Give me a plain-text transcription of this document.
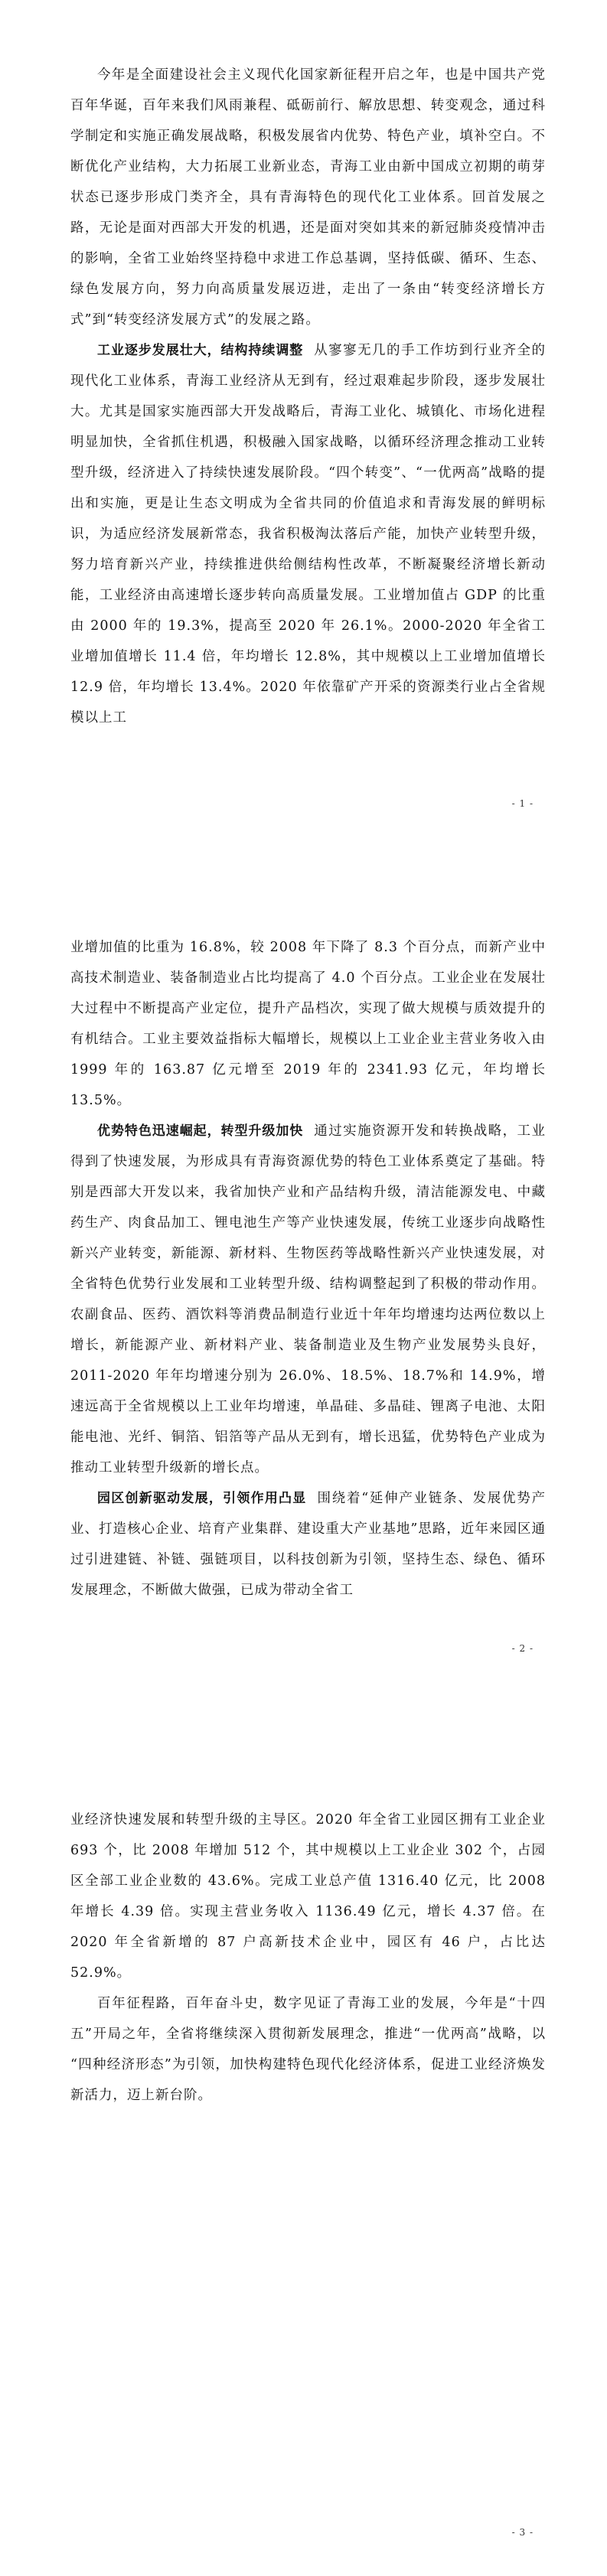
今年是全面建设社会主义现代化国家新征程开启之年，也是中国共产党百年华诞，百年来我们风雨兼程、砥砺前行、解放思想、转变观念，通过科学制定和实施正确发展战略，积极发展省内优势、特色产业，填补空白。不断优化产业结构，大力拓展工业新业态，青海工业由新中国成立初期的萌芽状态已逐步形成门类齐全，具有青海特色的现代化工业体系。回首发展之路，无论是面对西部大开发的机遇，还是面对突如其来的新冠肺炎疫情冲击的影响，全省工业始终坚持稳中求进工作总基调，坚持低碳、循环、生态、绿色发展方向，努力向高质量发展迈进，走出了一条由“转变经济增长方式”到“转变经济发展方式”的发展之路。

工业逐步发展壮大，结构持续调整 从寥寥无几的手工作坊到行业齐全的现代化工业体系，青海工业经济从无到有，经过艰难起步阶段，逐步发展壮大。尤其是国家实施西部大开发战略后，青海工业化、城镇化、市场化进程明显加快，全省抓住机遇，积极融入国家战略，以循环经济理念推动工业转型升级，经济进入了持续快速发展阶段。“四个转变”、“一优两高”战略的提出和实施，更是让生态文明成为全省共同的价值追求和青海发展的鲜明标识，为适应经济发展新常态，我省积极淘汰落后产能，加快产业转型升级，努力培育新兴产业，持续推进供给侧结构性改革，不断凝聚经济增长新动能，工业经济由高速增长逐步转向高质量发展。工业增加值占 GDP 的比重由 2000 年的 19.3%，提高至 2020 年 26.1%。2000-2020 年全省工业增加值增长 11.4 倍，年均增长 12.8%，其中规模以上工业增加值增长 12.9 倍，年均增长 13.4%。2020 年依靠矿产开采的资源类行业占全省规模以上工

- 1 -

业增加值的比重为 16.8%，较 2008 年下降了 8.3 个百分点，而新产业中高技术制造业、装备制造业占比均提高了 4.0 个百分点。工业企业在发展壮大过程中不断提高产业定位，提升产品档次，实现了做大规模与质效提升的有机结合。工业主要效益指标大幅增长，规模以上工业企业主营业务收入由 1999 年的 163.87 亿元增至 2019 年的 2341.93 亿元，年均增长 13.5%。

优势特色迅速崛起，转型升级加快 通过实施资源开发和转换战略，工业得到了快速发展，为形成具有青海资源优势的特色工业体系奠定了基础。特别是西部大开发以来，我省加快产业和产品结构升级，清洁能源发电、中藏药生产、肉食品加工、锂电池生产等产业快速发展，传统工业逐步向战略性新兴产业转变，新能源、新材料、生物医药等战略性新兴产业快速发展，对全省特色优势行业发展和工业转型升级、结构调整起到了积极的带动作用。农副食品、医药、酒饮料等消费品制造行业近十年年均增速均达两位数以上增长，新能源产业、新材料产业、装备制造业及生物产业发展势头良好，2011-2020 年年均增速分别为 26.0%、18.5%、18.7%和 14.9%，增速远高于全省规模以上工业年均增速，单晶硅、多晶硅、锂离子电池、太阳能电池、光纤、铜箔、铝箔等产品从无到有，增长迅猛，优势特色产业成为推动工业转型升级新的增长点。

园区创新驱动发展，引领作用凸显 围绕着“延伸产业链条、发展优势产业、打造核心企业、培育产业集群、建设重大产业基地”思路，近年来园区通过引进建链、补链、强链项目，以科技创新为引领，坚持生态、绿色、循环发展理念，不断做大做强，已成为带动全省工

- 2 -

业经济快速发展和转型升级的主导区。2020 年全省工业园区拥有工业企业 693 个，比 2008 年增加 512 个，其中规模以上工业企业 302 个，占园区全部工业企业数的 43.6%。完成工业总产值 1316.40 亿元，比 2008 年增长 4.39 倍。实现主营业务收入 1136.49 亿元，增长 4.37 倍。在 2020 年全省新增的 87 户高新技术企业中，园区有 46 户，占比达 52.9%。

百年征程路，百年奋斗史，数字见证了青海工业的发展，今年是“十四五”开局之年，全省将继续深入贯彻新发展理念，推进“一优两高”战略，以 “四种经济形态”为引领，加快构建特色现代化经济体系，促进工业经济焕发新活力，迈上新台阶。

- 3 -
